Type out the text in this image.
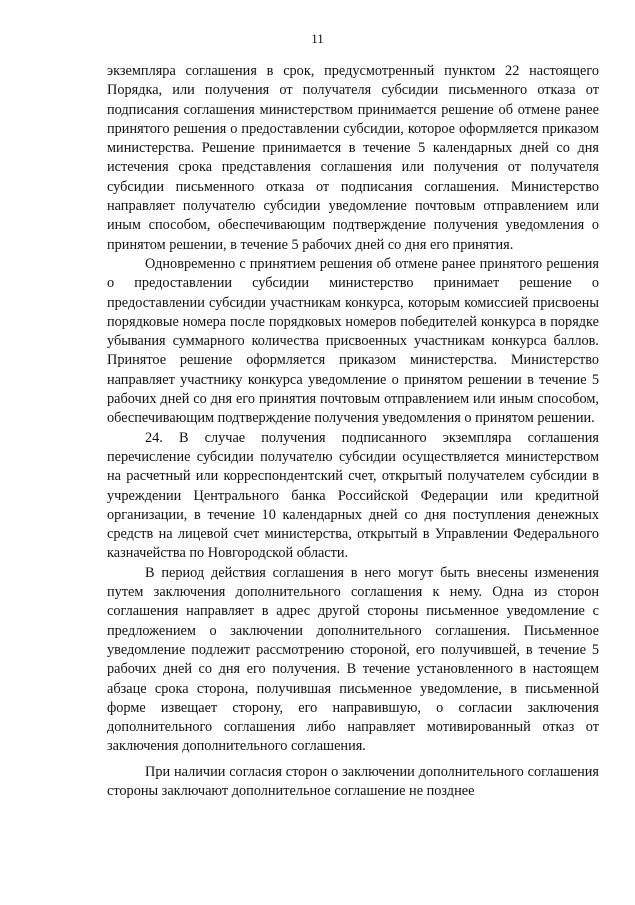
11

экземпляра соглашения в срок, предусмотренный пунктом 22 настоящего Порядка, или получения от получателя субсидии письменного отказа от подписания соглашения министерством принимается решение об отмене ранее принятого решения о предоставлении субсидии, которое оформляется приказом министерства. Решение принимается в течение 5 календарных дней со дня истечения срока представления соглашения или получения от получателя субсидии письменного отказа от подписания соглашения. Министерство направляет получателю субсидии уведомление почтовым отправлением или иным способом, обеспечивающим подтверждение получения уведомления о принятом решении, в течение 5 рабочих дней со дня его принятия.

Одновременно с принятием решения об отмене ранее принятого решения о предоставлении субсидии министерство принимает решение о предоставлении субсидии участникам конкурса, которым комиссией присвоены порядковые номера после порядковых номеров победителей конкурса в порядке убывания суммарного количества присвоенных участникам конкурса баллов. Принятое решение оформляется приказом министерства. Министерство направляет участнику конкурса уведомление о принятом решении в течение 5 рабочих дней со дня его принятия почтовым отправлением или иным способом, обеспечивающим подтверждение получения уведомления о принятом решении.

24. В случае получения подписанного экземпляра соглашения перечисление субсидии получателю субсидии осуществляется министерством на расчетный или корреспондентский счет, открытый получателем субсидии в учреждении Центрального банка Российской Федерации или кредитной организации, в течение 10 календарных дней со дня поступления денежных средств на лицевой счет министерства, открытый в Управлении Федерального казначейства по Новгородской области.

В период действия соглашения в него могут быть внесены изменения путем заключения дополнительного соглашения к нему. Одна из сторон соглашения направляет в адрес другой стороны письменное уведомление с предложением о заключении дополнительного соглашения. Письменное уведомление подлежит рассмотрению стороной, его получившей, в течение 5 рабочих дней со дня его получения. В течение установленного в настоящем абзаце срока сторона, получившая письменное уведомление, в письменной форме извещает сторону, его направившую, о согласии заключения дополнительного соглашения либо направляет мотивированный отказ от заключения дополнительного соглашения.

При наличии согласия сторон о заключении дополнительного соглашения стороны заключают дополнительное соглашение не позднее
